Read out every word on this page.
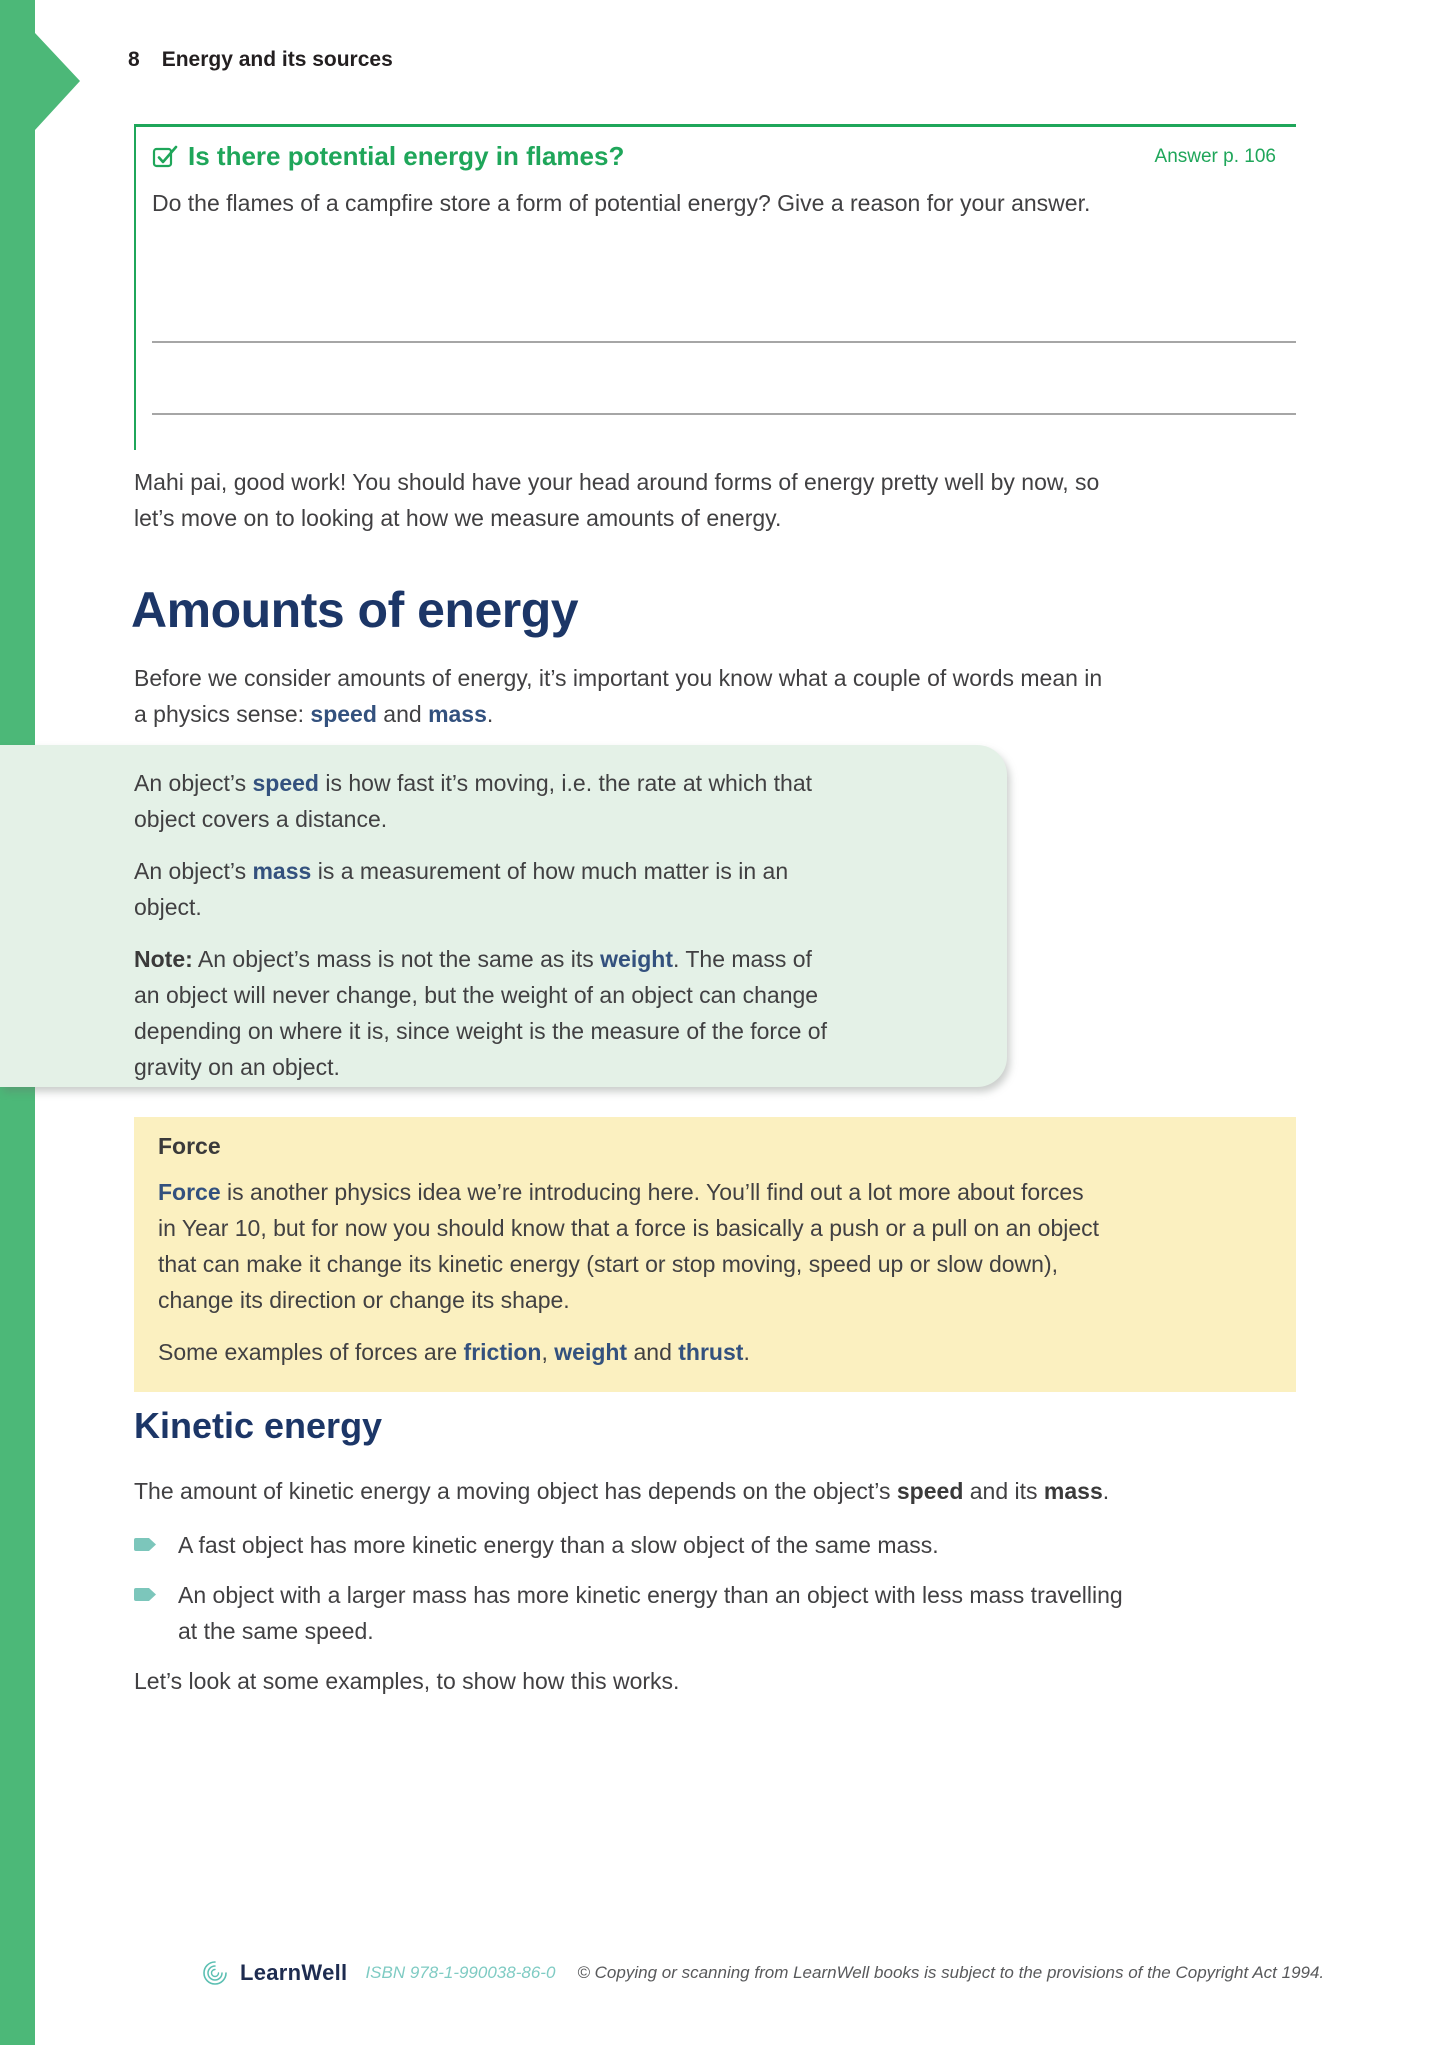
8 Energy and its sources
Is there potential energy in flames?	Answer p. 106

Do the flames of a campfire store a form of potential energy? Give a reason for your answer.

Mahi pai, good work! You should have your head around forms of energy pretty well by now, so
let’s move on to looking at how we measure amounts of energy.

Amounts of energy

Before we consider amounts of energy, it’s important you know what a couple of words mean in
a physics sense: speed and mass.

An object’s speed is how fast it’s moving, i.e. the rate at which that
object covers a distance.

An object’s mass is a measurement of how much matter is in an
object.

Note: An object’s mass is not the same as its weight. The mass of
an object will never change, but the weight of an object can change
depending on where it is, since weight is the measure of the force of
gravity on an object.

Force

Force is another physics idea we’re introducing here. You’ll find out a lot more about forces
in Year 10, but for now you should know that a force is basically a push or a pull on an object
that can make it change its kinetic energy (start or stop moving, speed up or slow down),
change its direction or change its shape.

Some examples of forces are friction, weight and thrust.

Kinetic energy

The amount of kinetic energy a moving object has depends on the object’s speed and its mass.

A fast object has more kinetic energy than a slow object of the same mass.

An object with a larger mass has more kinetic energy than an object with less mass travelling
at the same speed.

Let’s look at some examples, to show how this works.

LearnWell ISBN 978-1-990038-86-0 © Copying or scanning from LearnWell books is subject to the provisions of the Copyright Act 1994.
